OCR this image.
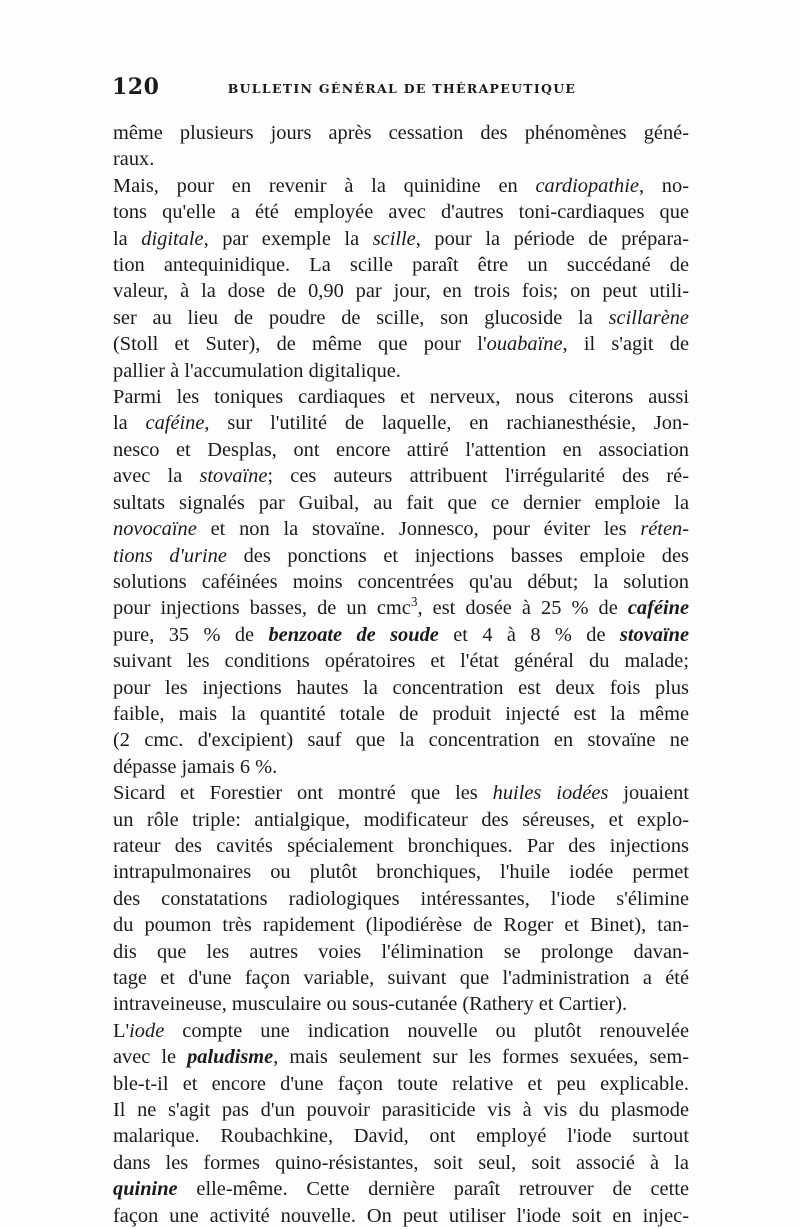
120	BULLETIN GÉNÉRAL DE THÉRAPEUTIQUE

même plusieurs jours après cessation des phénomènes géné-
raux.

Mais, pour en revenir à la quinidine en cardiopathie, no-
tons qu'elle a été employée avec d'autres toni-cardiaques que
la digitale, par exemple la scille, pour la période de prépara-
tion antequinidique. La scille paraît être un succédané de
valeur, à la dose de 0,90 par jour, en trois fois; on peut utili-
ser au lieu de poudre de scille, son glucoside la scillarène
(Stoll et Suter), de même que pour l'ouabaïne, il s'agit de
pallier à l'accumulation digitalique.

Parmi les toniques cardiaques et nerveux, nous citerons aussi
la caféine, sur l'utilité de laquelle, en rachianesthésie, Jon-
nesco et Desplas, ont encore attiré l'attention en association
avec la stovaïne; ces auteurs attribuent l'irrégularité des ré-
sultats signalés par Guibal, au fait que ce dernier emploie la
novocaïne et non la stovaïne. Jonnesco, pour éviter les réten-
tions d'urine des ponctions et injections basses emploie des
solutions caféinées moins concentrées qu'au début; la solution
pour injections basses, de un cmc$^3$, est dosée à 25 % de caféine
pure, 35 % de benzoate de soude et 4 à 8 % de stovaïne
suivant les conditions opératoires et l'état général du malade;
pour les injections hautes la concentration est deux fois plus
faible, mais la quantité totale de produit injecté est la même
(2 cmc. d'excipient) sauf que la concentration en stovaïne ne
dépasse jamais 6 %.

Sicard et Forestier ont montré que les huiles iodées jouaient
un rôle triple: antialgique, modificateur des séreuses, et explo-
rateur des cavités spécialement bronchiques. Par des injections
intrapulmonaires ou plutôt bronchiques, l'huile iodée permet
des constatations radiologiques intéressantes, l'iode s'élimine
du poumon très rapidement (lipodiérèse de Roger et Binet), tan-
dis que les autres voies l'élimination se prolonge davan-
tage et d'une façon variable, suivant que l'administration a été
intraveineuse, musculaire ou sous-cutanée (Rathery et Cartier).

L'iode compte une indication nouvelle ou plutôt renouvelée
avec le paludisme, mais seulement sur les formes sexuées, sem-
ble-t-il et encore d'une façon toute relative et peu explicable.
Il ne s'agit pas d'un pouvoir parasiticide vis à vis du plasmode
malarique. Roubachkine, David, ont employé l'iode surtout
dans les formes quino-résistantes, soit seul, soit associé à la
quinine elle-même. Cette dernière paraît retrouver de cette
façon une activité nouvelle. On peut utiliser l'iode soit en injec-
